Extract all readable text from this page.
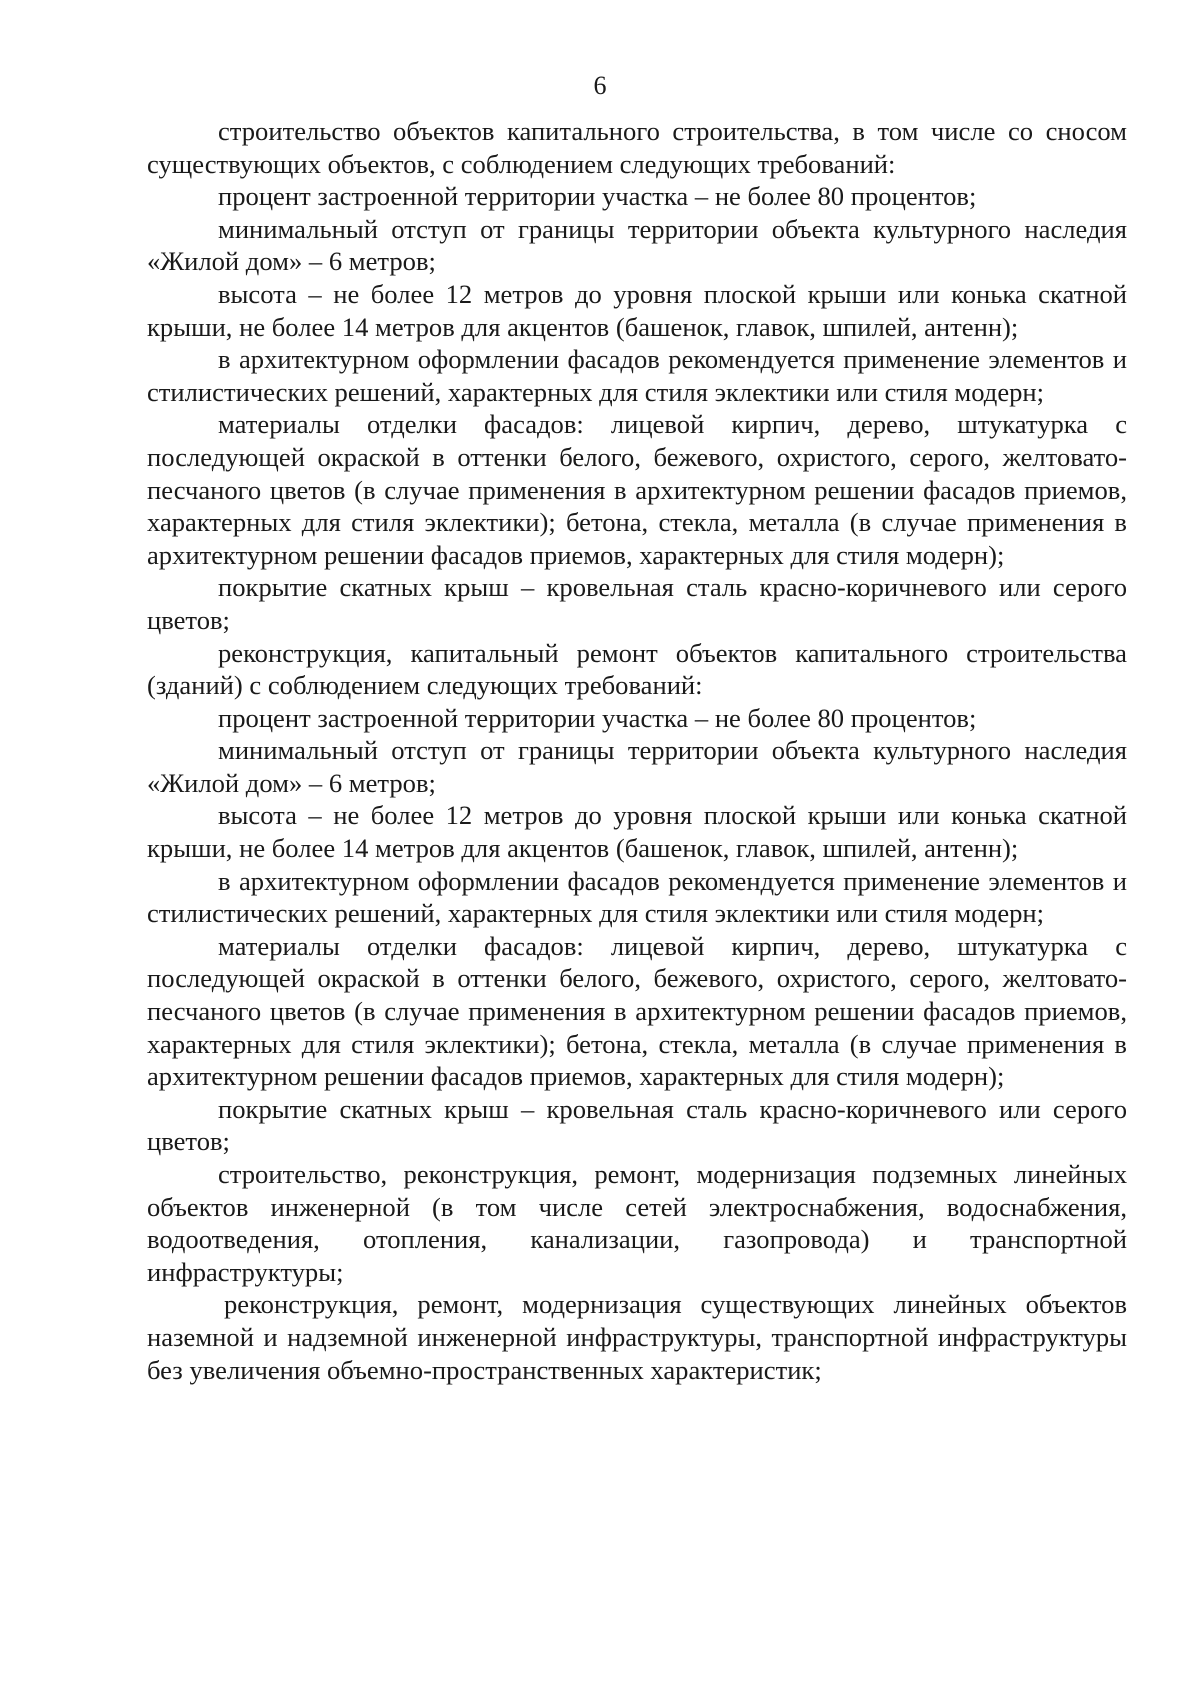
6

строительство объектов капитального строительства, в том числе со сносом существующих объектов, с соблюдением следующих требований:

процент застроенной территории участка – не более 80 процентов;

минимальный отступ от границы территории объекта культурного наследия «Жилой дом» – 6 метров;

высота – не более 12 метров до уровня плоской крыши или конька скатной крыши, не более 14 метров для акцентов (башенок, главок, шпилей, антенн);

в архитектурном оформлении фасадов рекомендуется применение элементов и стилистических решений, характерных для стиля эклектики или стиля модерн;

материалы отделки фасадов: лицевой кирпич, дерево, штукатурка с последующей окраской в оттенки белого, бежевого, охристого, серого, желтовато-песчаного цветов (в случае применения в архитектурном решении фасадов приемов, характерных для стиля эклектики); бетона, стекла, металла (в случае применения в архитектурном решении фасадов приемов, характерных для стиля модерн);

покрытие скатных крыш – кровельная сталь красно-коричневого или серого цветов;

реконструкция, капитальный ремонт объектов капитального строительства (зданий) с соблюдением следующих требований:

процент застроенной территории участка – не более 80 процентов;

минимальный отступ от границы территории объекта культурного наследия «Жилой дом» – 6 метров;

высота – не более 12 метров до уровня плоской крыши или конька скатной крыши, не более 14 метров для акцентов (башенок, главок, шпилей, антенн);

в архитектурном оформлении фасадов рекомендуется применение элементов и стилистических решений, характерных для стиля эклектики или стиля модерн;

материалы отделки фасадов: лицевой кирпич, дерево, штукатурка с последующей окраской в оттенки белого, бежевого, охристого, серого, желтовато-песчаного цветов (в случае применения в архитектурном решении фасадов приемов, характерных для стиля эклектики); бетона, стекла, металла (в случае применения в архитектурном решении фасадов приемов, характерных для стиля модерн);

покрытие скатных крыш – кровельная сталь красно-коричневого или серого цветов;

строительство, реконструкция, ремонт, модернизация подземных линейных объектов инженерной (в том числе сетей электроснабжения, водоснабжения, водоотведения, отопления, канализации, газопровода) и транспортной инфраструктуры;

реконструкция, ремонт, модернизация существующих линейных объектов наземной и надземной инженерной инфраструктуры, транспортной инфраструктуры без увеличения объемно-пространственных характеристик;
